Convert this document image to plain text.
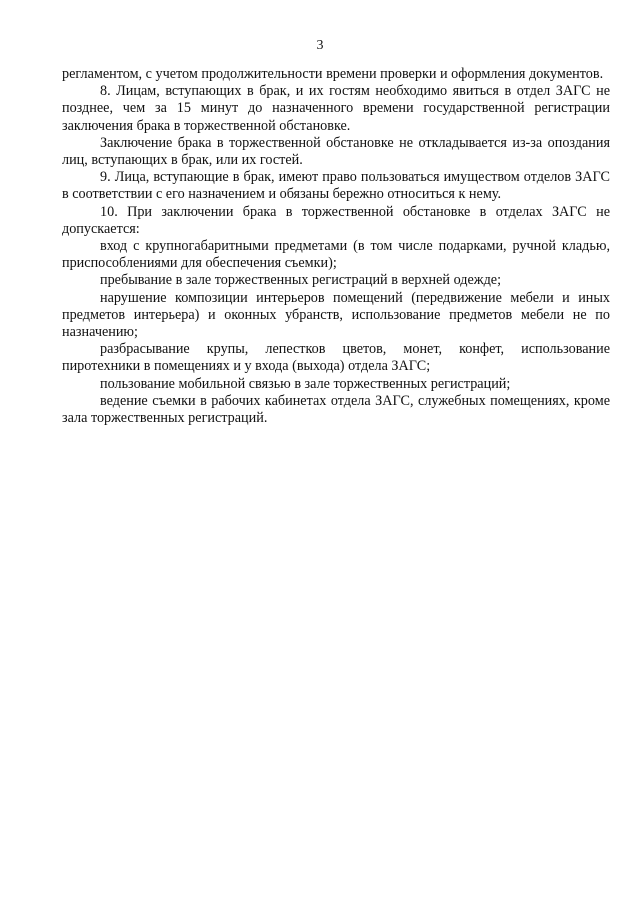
3

регламентом, с учетом продолжительности времени проверки и оформления документов.

8. Лицам, вступающих в брак, и их гостям необходимо явиться в отдел ЗАГС не позднее, чем за 15 минут до назначенного времени государственной регистрации заключения брака в торжественной обстановке.

Заключение брака в торжественной обстановке не откладывается из-за опоздания лиц, вступающих в брак, или их гостей.

9. Лица, вступающие в брак, имеют право пользоваться имуществом отделов ЗАГС в соответствии с его назначением и обязаны бережно относиться к нему.

10. При заключении брака в торжественной обстановке в отделах ЗАГС не допускается:

вход с крупногабаритными предметами (в том числе подарками, ручной кладью, приспособлениями для обеспечения съемки);

пребывание в зале торжественных регистраций в верхней одежде;

нарушение композиции интерьеров помещений (передвижение мебели и иных предметов интерьера) и оконных убранств, использование предметов мебели не по назначению;

разбрасывание крупы, лепестков цветов, монет, конфет, использование пиротехники в помещениях и у входа (выхода) отдела ЗАГС;

пользование мобильной связью в зале торжественных регистраций;

ведение съемки в рабочих кабинетах отдела ЗАГС, служебных помещениях, кроме зала торжественных регистраций.
